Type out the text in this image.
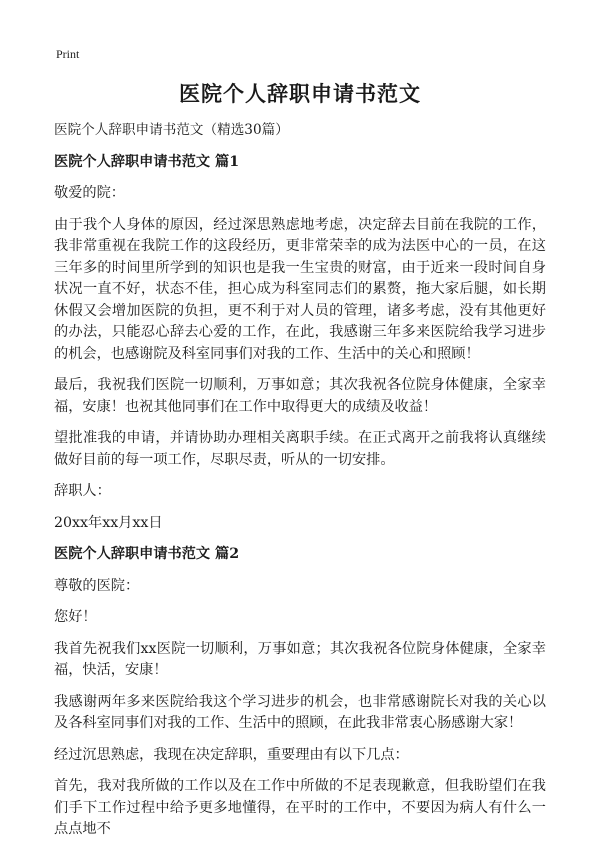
Print
医院个人辞职申请书范文

医院个人辞职申请书范文（精选30篇）

医院个人辞职申请书范文 篇1

敬爱的院：

由于我个人身体的原因，经过深思熟虑地考虑，决定辞去目前在我院的工作，我非常重视在我院工作的这段经历，更非常荣幸的成为法医中心的一员，在这三年多的时间里所学到的知识也是我一生宝贵的财富，由于近来一段时间自身状况一直不好，状态不佳，担心成为科室同志们的累赘，拖大家后腿，如长期休假又会增加医院的负担，更不利于对人员的管理，诸多考虑，没有其他更好的办法，只能忍心辞去心爱的工作，在此，我感谢三年多来医院给我学习进步的机会，也感谢院及科室同事们对我的工作、生活中的关心和照顾！

最后，我祝我们医院一切顺利，万事如意；其次我祝各位院身体健康，全家幸福，安康！也祝其他同事们在工作中取得更大的成绩及收益！

望批准我的申请，并请协助办理相关离职手续。在正式离开之前我将认真继续做好目前的每一项工作，尽职尽责，听从的一切安排。

辞职人：

20xx年xx月xx日

医院个人辞职申请书范文 篇2

尊敬的医院：

您好！

我首先祝我们xx医院一切顺利，万事如意；其次我祝各位院身体健康，全家幸福，快活，安康！

我感谢两年多来医院给我这个学习进步的机会，也非常感谢院长对我的关心以及各科室同事们对我的工作、生活中的照顾，在此我非常衷心肠感谢大家！

经过沉思熟虑，我现在决定辞职，重要理由有以下几点：

首先，我对我所做的工作以及在工作中所做的不足表现歉意，但我盼望们在我们手下工作过程中给予更多地懂得，在平时的工作中，不要因为病人有什么一点点地不
